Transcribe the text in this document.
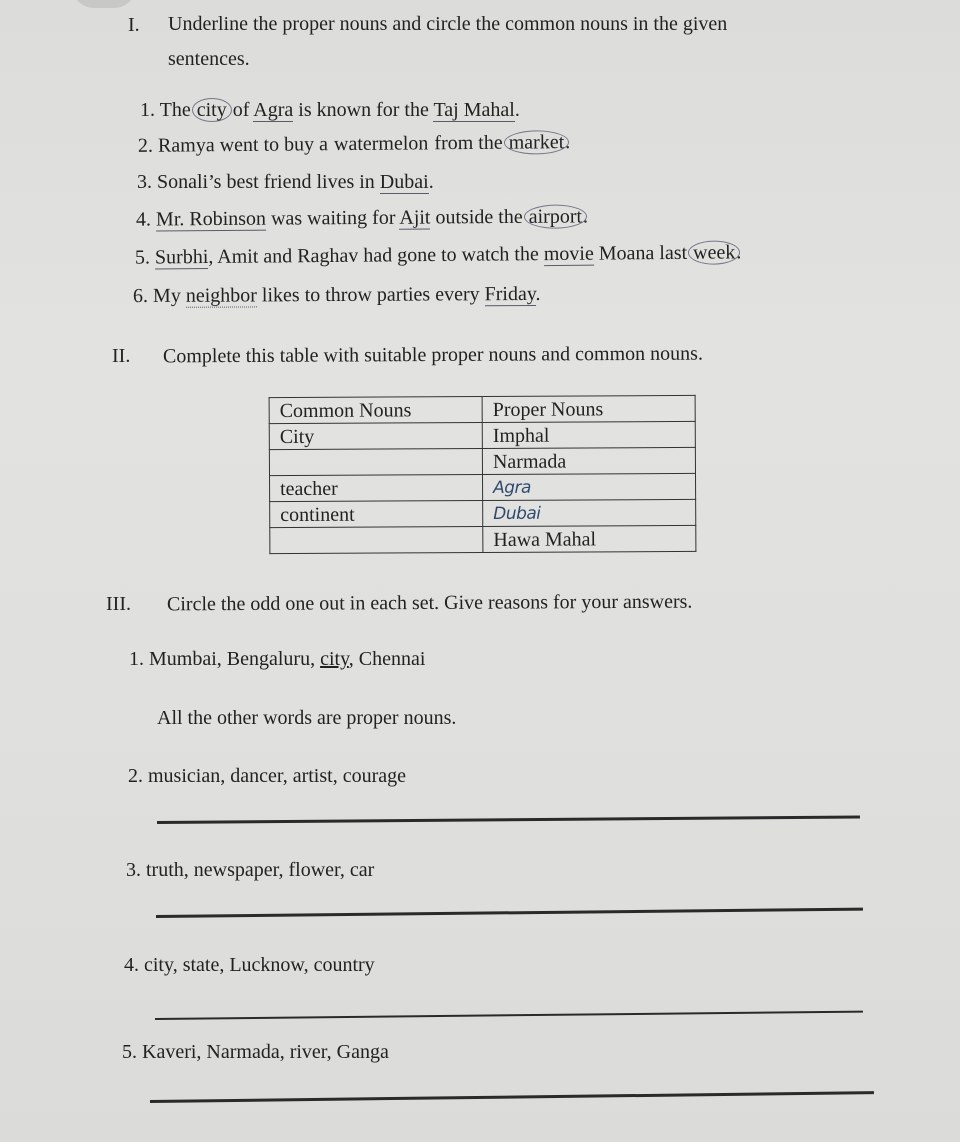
I. Underline the proper nouns and circle the common nouns in the given
sentences.
1. The city of Agra is known for the Taj Mahal.
2. Ramya went to buy a watermelon from the market.
3. Sonali’s best friend lives in Dubai.
4. Mr. Robinson was waiting for Ajit outside the airport.
5. Surbhi, Amit and Raghav had gone to watch the movie Moana last week.
6. My neighbor likes to throw parties every Friday.
II. Complete this table with suitable proper nouns and common nouns.
Common Nouns	Proper Nouns
City	Imphal
	Narmada
teacher	Agra
continent	Dubai
	Hawa Mahal
III. Circle the odd one out in each set. Give reasons for your answers.
1. Mumbai, Bengaluru, city, Chennai
All the other words are proper nouns.
2. musician, dancer, artist, courage
3. truth, newspaper, flower, car
4. city, state, Lucknow, country
5. Kaveri, Narmada, river, Ganga
